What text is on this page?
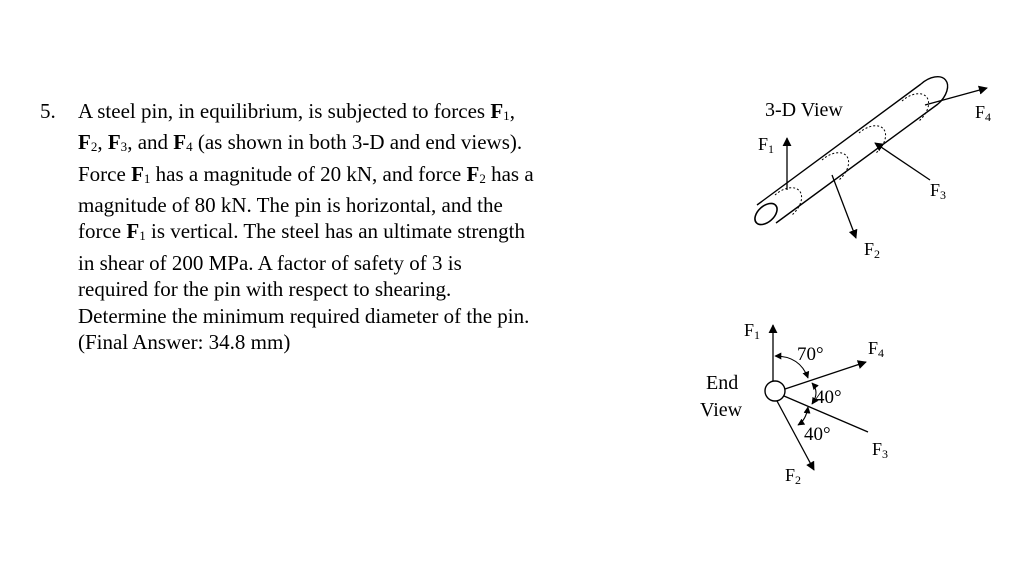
5. A steel pin, in equilibrium, is subjected to forces $F_1$,
$F_2$, $F_3$, and $F_4$ (as shown in both 3-D and end views).
Force $F_1$ has a magnitude of 20 kN, and force $F_2$ has a
magnitude of 80 kN. The pin is horizontal, and the
force $F_1$ is vertical. The steel has an ultimate strength
in shear of 200 MPa. A factor of safety of 3 is
required for the pin with respect to shearing.
Determine the minimum required diameter of the pin.
(Final Answer: 34.8 mm)
3-D View
F1
F2
F3
F4
End
View
70°
40°
40°
F1
F4
F3
F2
